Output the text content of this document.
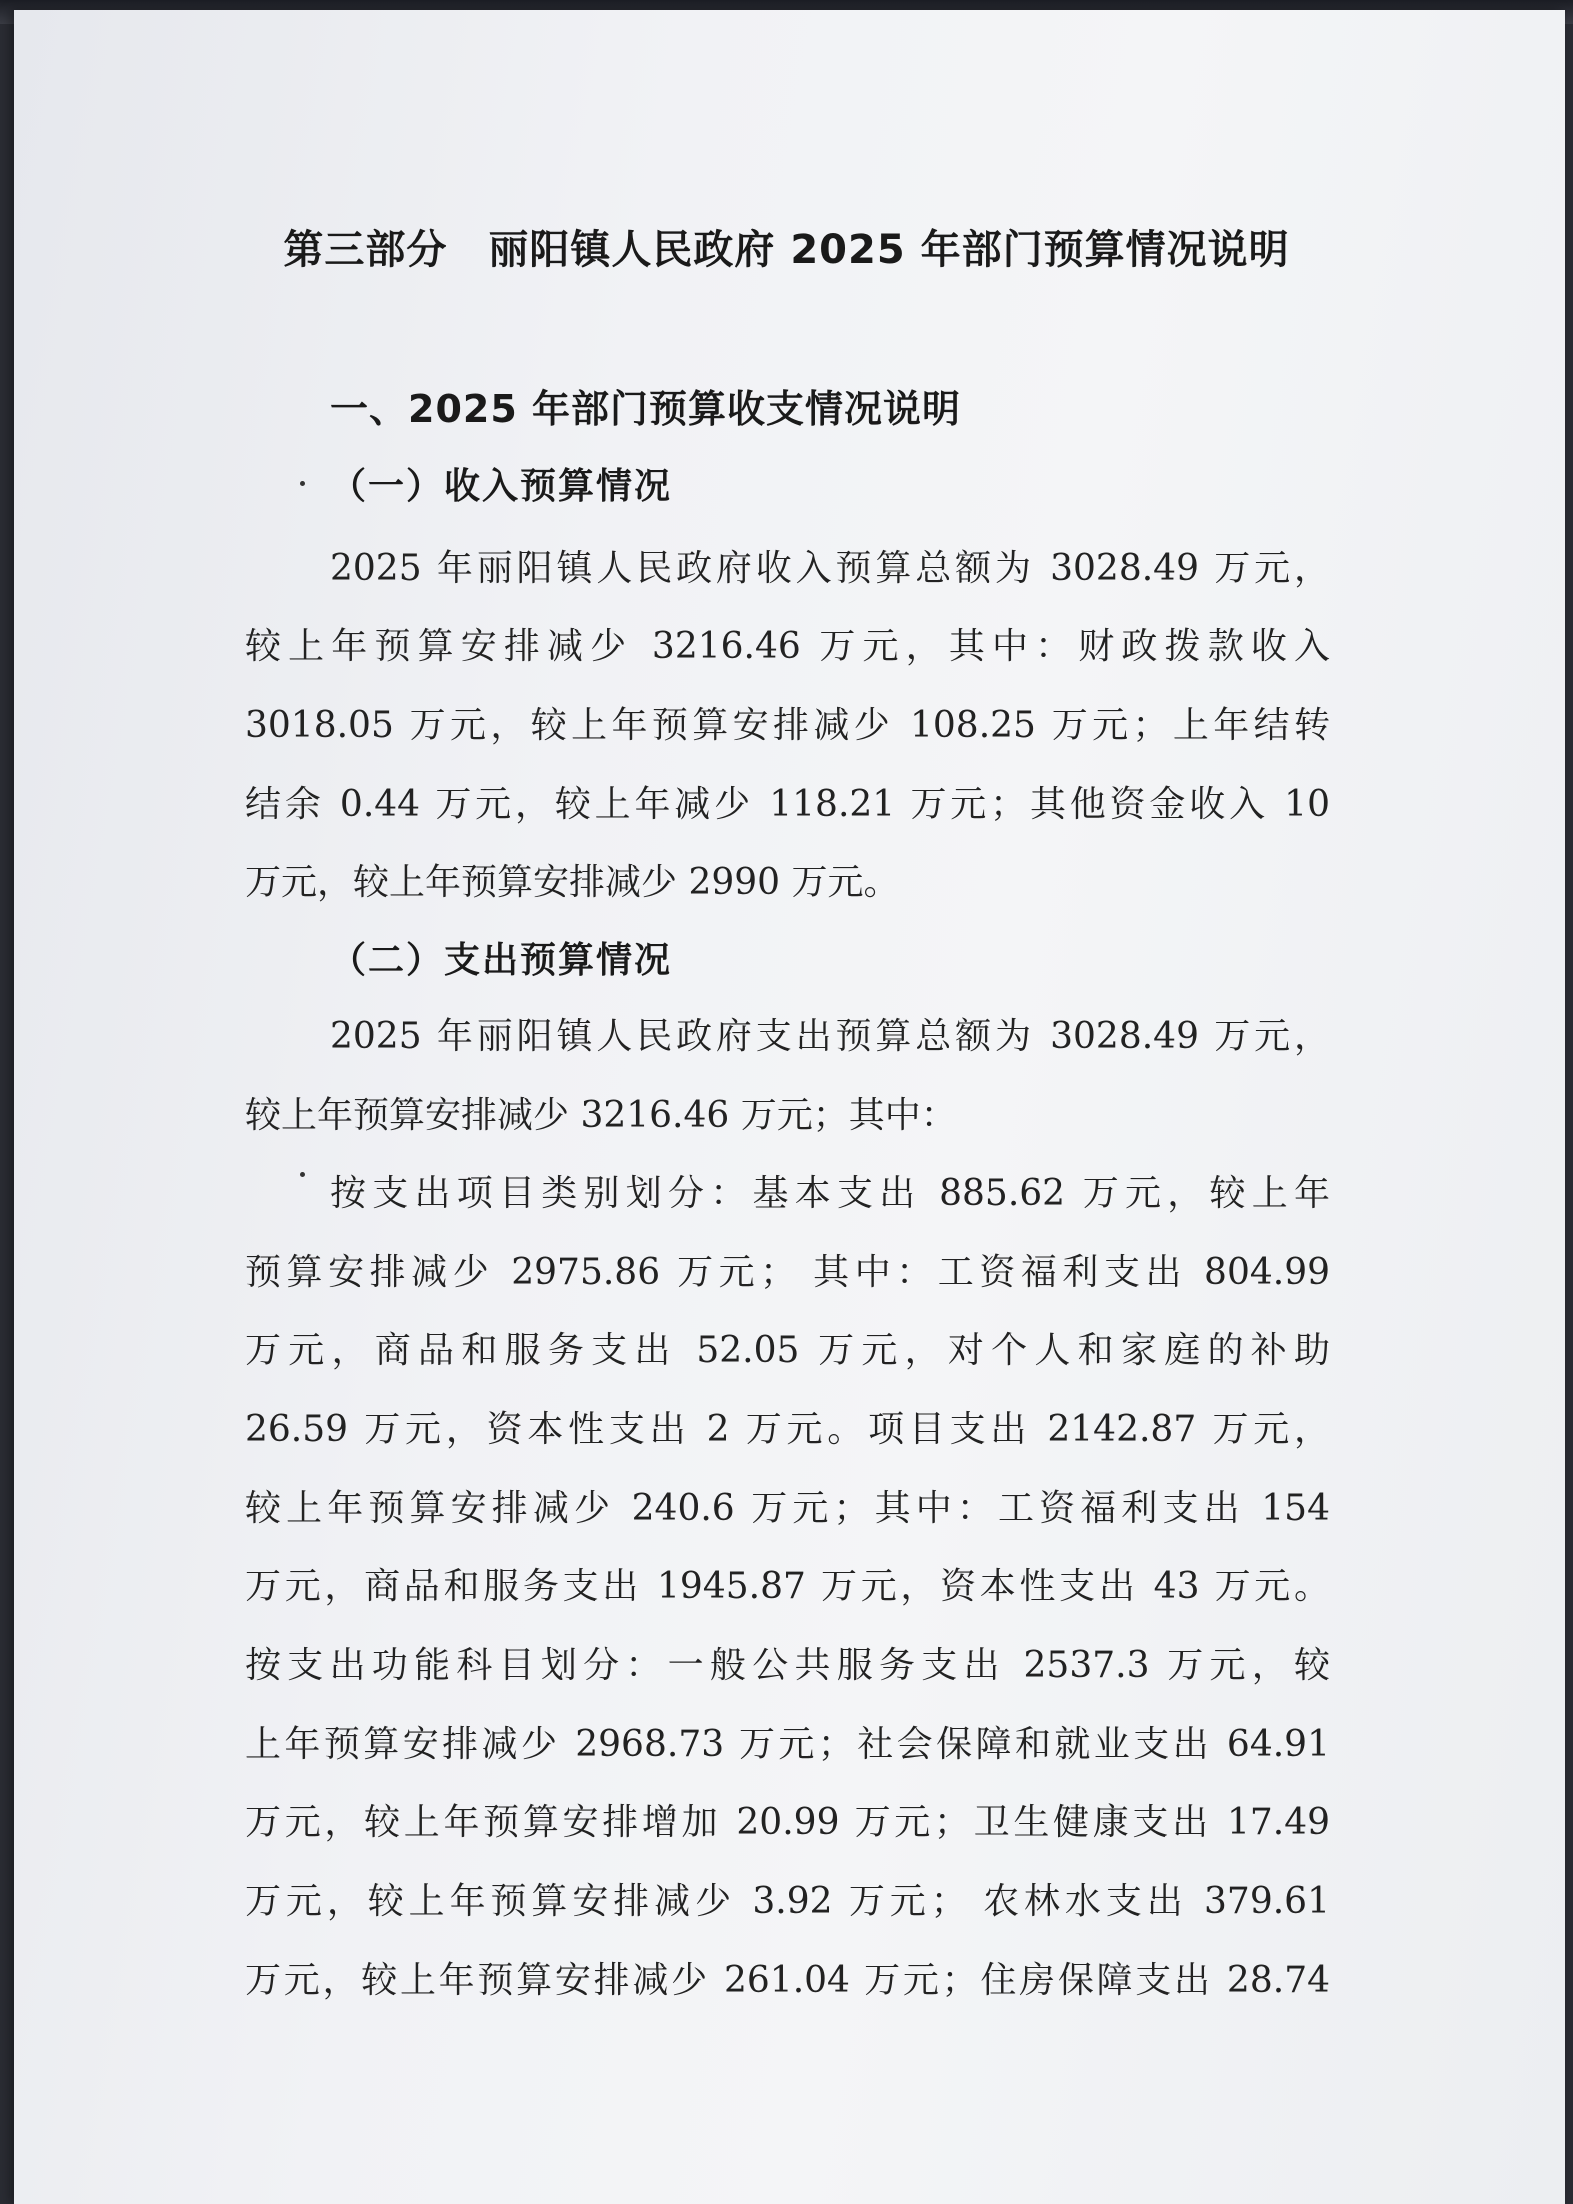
第三部分　丽阳镇人民政府 2025 年部门预算情况说明
一、2025 年部门预算收支情况说明
（一）收入预算情况
2025 年丽阳镇人民政府收入预算总额为 3028.49 万元，
较上年预算安排减少 3216.46 万元，其中：财政拨款收入
3018.05 万元，较上年预算安排减少 108.25 万元；上年结转
结余 0.44 万元，较上年减少 118.21 万元；其他资金收入 10
万元，较上年预算安排减少 2990 万元。
（二）支出预算情况
2025 年丽阳镇人民政府支出预算总额为 3028.49 万元，
较上年预算安排减少 3216.46 万元；其中：
按支出项目类别划分：基本支出 885.62 万元，较上年
预算安排减少 2975.86 万元； 其中：工资福利支出 804.99
万元，商品和服务支出 52.05 万元，对个人和家庭的补助
26.59 万元，资本性支出 2 万元。项目支出 2142.87 万元，
较上年预算安排减少 240.6 万元；其中：工资福利支出 154
万元，商品和服务支出 1945.87 万元，资本性支出 43 万元。
按支出功能科目划分：一般公共服务支出 2537.3 万元，较
上年预算安排减少 2968.73 万元；社会保障和就业支出 64.91
万元，较上年预算安排增加 20.99 万元；卫生健康支出 17.49
万元，较上年预算安排减少 3.92 万元； 农林水支出 379.61
万元，较上年预算安排减少 261.04 万元；住房保障支出 28.74
